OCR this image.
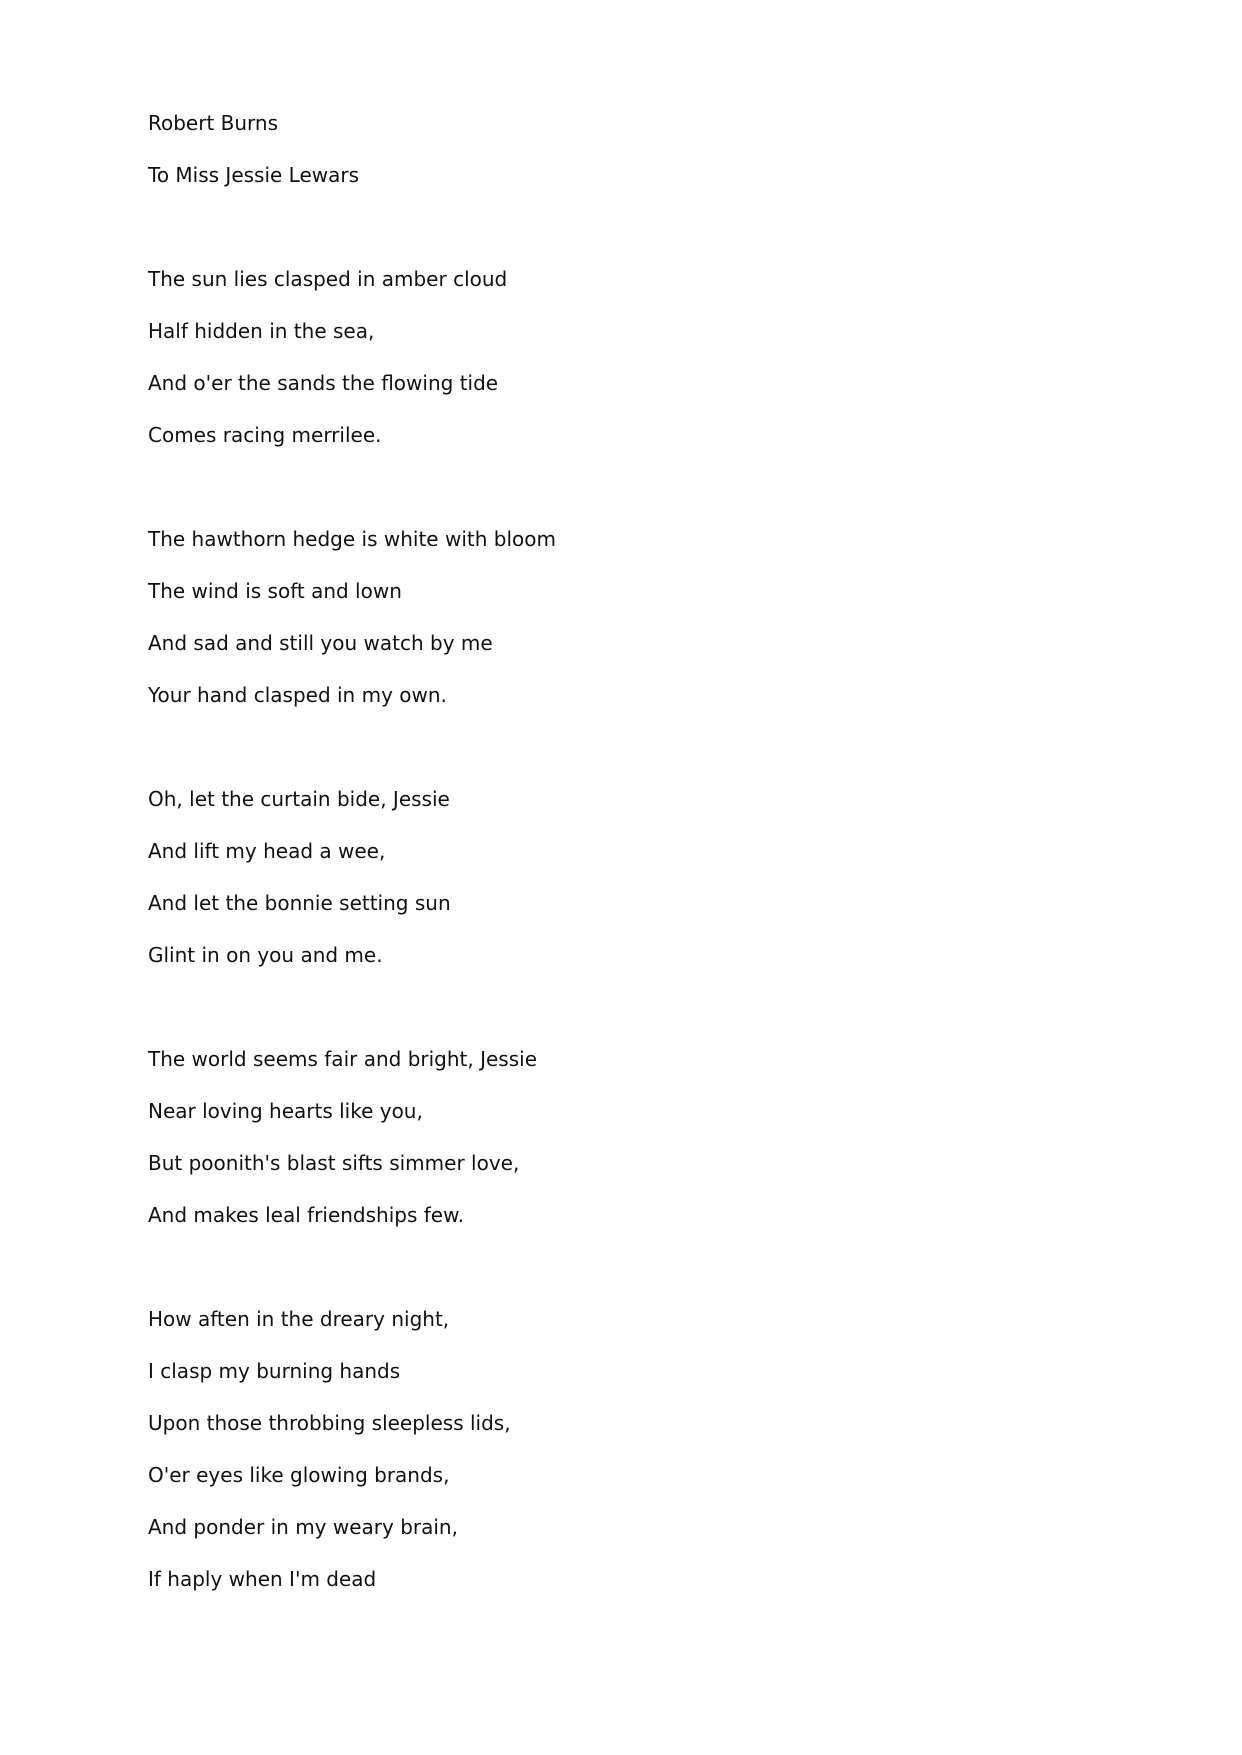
Robert Burns
To Miss Jessie Lewars
The sun lies clasped in amber cloud
Half hidden in the sea,
And o'er the sands the flowing tide
Comes racing merrilee.
The hawthorn hedge is white with bloom
The wind is soft and lown
And sad and still you watch by me
Your hand clasped in my own.
Oh, let the curtain bide, Jessie
And lift my head a wee,
And let the bonnie setting sun
Glint in on you and me.
The world seems fair and bright, Jessie
Near loving hearts like you,
But poonith's blast sifts simmer love,
And makes leal friendships few.
How aften in the dreary night,
I clasp my burning hands
Upon those throbbing sleepless lids,
O'er eyes like glowing brands,
And ponder in my weary brain,
If haply when I'm dead
